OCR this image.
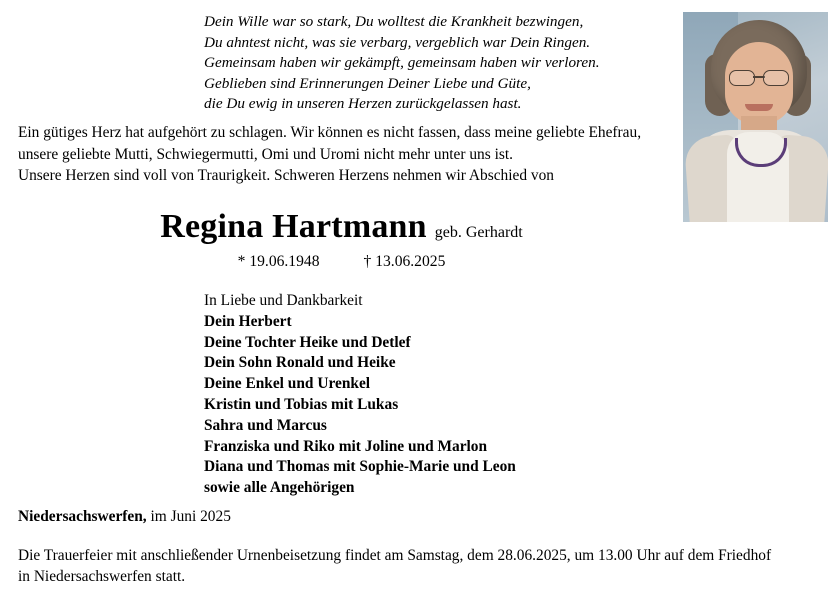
Dein Wille war so stark, Du wolltest die Krankheit bezwingen,
Du ahntest nicht, was sie verbarg, vergeblich war Dein Ringen.
Gemeinsam haben wir gekämpft, gemeinsam haben wir verloren.
Geblieben sind Erinnerungen Deiner Liebe und Güte,
die Du ewig in unseren Herzen zurückgelassen hast.
Ein gütiges Herz hat aufgehört zu schlagen. Wir können es nicht fassen, dass meine geliebte Ehefrau,
unsere geliebte Mutti, Schwiegermutti, Omi und Uromi nicht mehr unter uns ist.
Unsere Herzen sind voll von Traurigkeit. Schweren Herzens nehmen wir Abschied von
Regina Hartmann geb. Gerhardt
* 19.06.1948	† 13.06.2025
In Liebe und Dankbarkeit
Dein Herbert
Deine Tochter Heike und Detlef
Dein Sohn Ronald und Heike
Deine Enkel und Urenkel
Kristin und Tobias mit Lukas
Sahra und Marcus
Franziska und Riko mit Joline und Marlon
Diana und Thomas mit Sophie-Marie und Leon
sowie alle Angehörigen
Niedersachswerfen, im Juni 2025
Die Trauerfeier mit anschließender Urnenbeisetzung findet am Samstag, dem 28.06.2025, um 13.00 Uhr auf dem Friedhof
in Niedersachswerfen statt.
